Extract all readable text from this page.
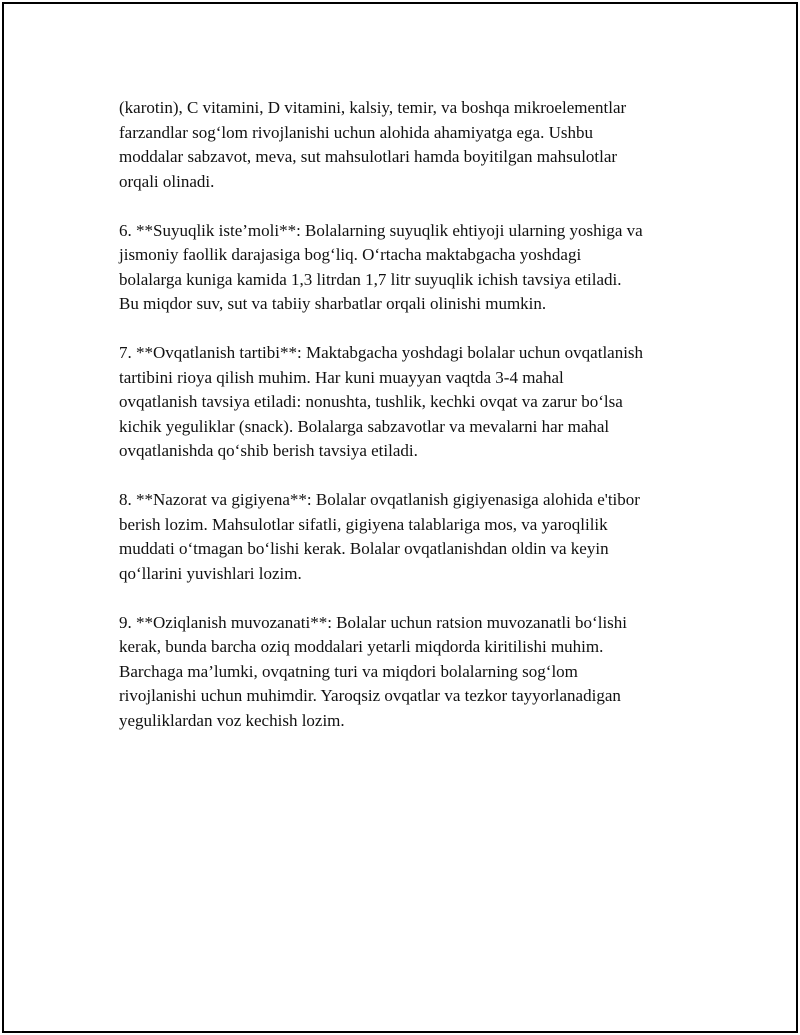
(karotin), C vitamini, D vitamini, kalsiy, temir, va boshqa mikroelementlar
farzandlar sog‘lom rivojlanishi uchun alohida ahamiyatga ega. Ushbu
moddalar sabzavot, meva, sut mahsulotlari hamda boyitilgan mahsulotlar
orqali olinadi.

6. **Suyuqlik iste’moli**: Bolalarning suyuqlik ehtiyoji ularning yoshiga va
jismoniy faollik darajasiga bog‘liq. O‘rtacha maktabgacha yoshdagi
bolalarga kuniga kamida 1,3 litrdan 1,7 litr suyuqlik ichish tavsiya etiladi.
Bu miqdor suv, sut va tabiiy sharbatlar orqali olinishi mumkin.

7. **Ovqatlanish tartibi**: Maktabgacha yoshdagi bolalar uchun ovqatlanish
tartibini rioya qilish muhim. Har kuni muayyan vaqtda 3-4 mahal
ovqatlanish tavsiya etiladi: nonushta, tushlik, kechki ovqat va zarur bo‘lsa
kichik yeguliklar (snack). Bolalarga sabzavotlar va mevalarni har mahal
ovqatlanishda qo‘shib berish tavsiya etiladi.

8. **Nazorat va gigiyena**: Bolalar ovqatlanish gigiyenasiga alohida e'tibor
berish lozim. Mahsulotlar sifatli, gigiyena talablariga mos, va yaroqlilik
muddati o‘tmagan bo‘lishi kerak. Bolalar ovqatlanishdan oldin va keyin
qo‘llarini yuvishlari lozim.

9. **Oziqlanish muvozanati**: Bolalar uchun ratsion muvozanatli bo‘lishi
kerak, bunda barcha oziq moddalari yetarli miqdorda kiritilishi muhim.
Barchaga ma’lumki, ovqatning turi va miqdori bolalarning sog‘lom
rivojlanishi uchun muhimdir. Yaroqsiz ovqatlar va tezkor tayyorlanadigan
yeguliklardan voz kechish lozim.
